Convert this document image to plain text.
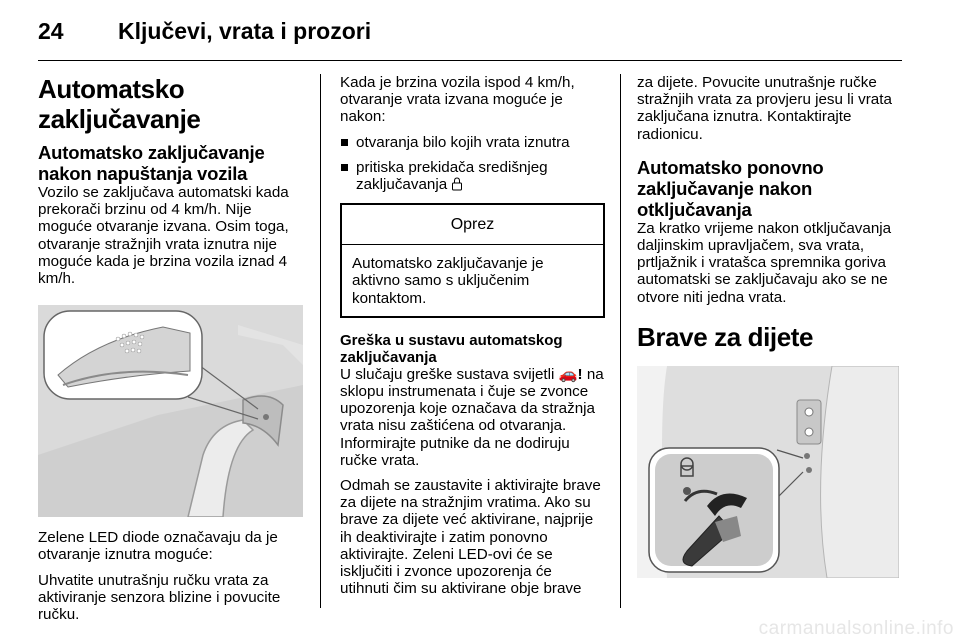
24 Ključevi, vrata i prozori
Automatsko zaključavanje
Automatsko zaključavanje
nakon napuštanja vozila

Vozilo se zaključava automatski kada prekorači brzinu od 4 km/h. Nije moguće otvaranje izvana. Osim toga, otvaranje stražnjih vrata iznutra nije moguće kada je brzina vozila iznad 4 km/h.

Zelene LED diode označavaju da je otvaranje iznutra moguće:

Uhvatite unutrašnju ručku vrata za aktiviranje senzora blizine i povucite ručku.

Kada je brzina vozila ispod 4 km/h, otvaranje vrata izvana moguće je nakon:

otvaranja bilo kojih vrata iznutra
pritiska prekidača središnjeg zaključavanja
Oprez
Automatsko zaključavanje je aktivno samo s uključenim kontaktom.
Greška u sustavu automatskog zaključavanja

U slučaju greške sustava svijetli 🚗! na sklopu instrumenata i čuje se zvonce upozorenja koje označava da stražnja vrata nisu zaštićena od otvaranja. Informirajte putnike da ne dodiruju ručke vrata.

Odmah se zaustavite i aktivirajte brave za dijete na stražnjim vratima. Ako su brave za dijete već aktivirane, najprije ih deaktivirajte i zatim ponovno aktivirajte. Zeleni LED-ovi će se isključiti i zvonce upozorenja će utihnuti čim su aktivirane obje brave

za dijete. Povucite unutrašnje ručke stražnjih vrata za provjeru jesu li vrata zaključana iznutra. Kontaktirajte radionicu.

Automatsko ponovno zaključavanje nakon otključavanja

Za kratko vrijeme nakon otključavanja daljinskim upravljačem, sva vrata, prtljažnik i vratašca spremnika goriva automatski se zaključavaju ako se ne otvore niti jedna vrata.

Brave za dijete
carmanualsonline.info
